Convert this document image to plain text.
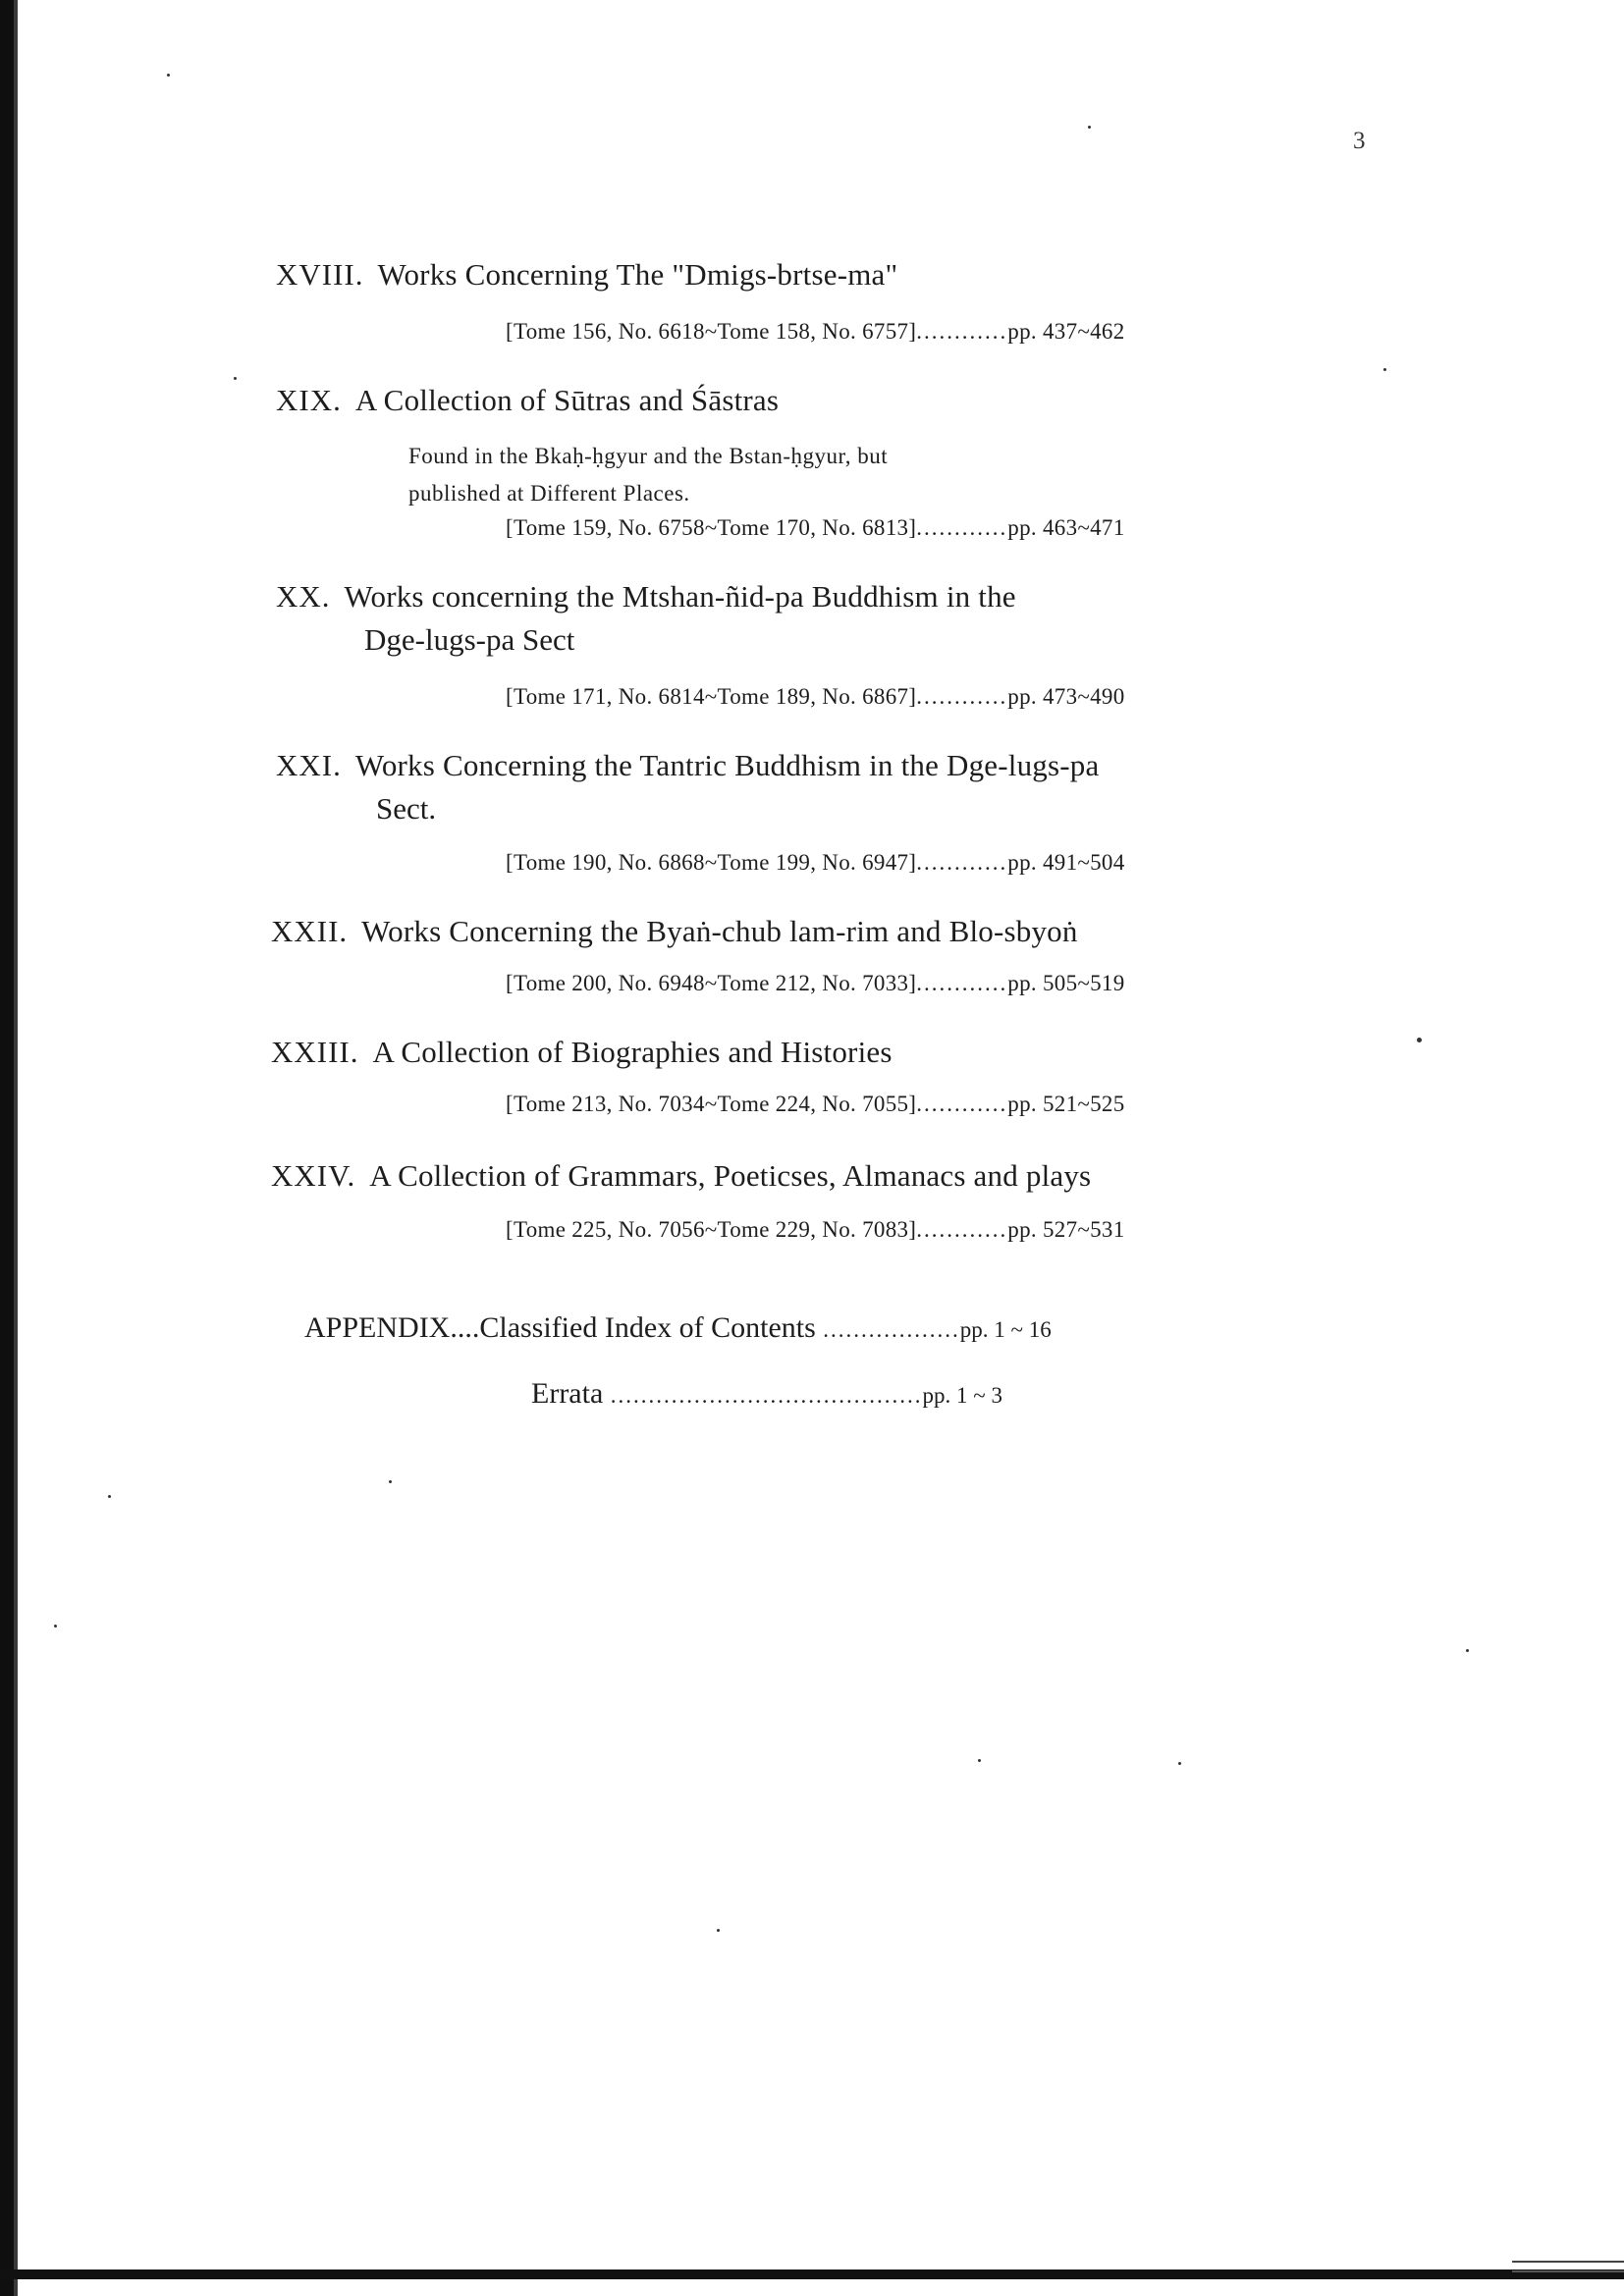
3
XVIII. Works Concerning The "Dmigs-brtse-ma"
[Tome 156, No. 6618~Tome 158, No. 6757]............pp. 437~462
XIX. A Collection of Sūtras and Śāstras
Found in the Bkaḥ-ḥgyur and the Bstan-ḥgyur, but
published at Different Places.
[Tome 159, No. 6758~Tome 170, No. 6813]............pp. 463~471
XX. Works concerning the Mtshan-ñid-pa Buddhism in the
Dge-lugs-pa Sect
[Tome 171, No. 6814~Tome 189, No. 6867]............pp. 473~490
XXI. Works Concerning the Tantric Buddhism in the Dge-lugs-pa
Sect.
[Tome 190, No. 6868~Tome 199, No. 6947]............pp. 491~504
XXII. Works Concerning the Byaṅ-chub lam-rim and Blo-sbyoṅ
[Tome 200, No. 6948~Tome 212, No. 7033]............pp. 505~519
XXIII. A Collection of Biographies and Histories
[Tome 213, No. 7034~Tome 224, No. 7055]............pp. 521~525
XXIV. A Collection of Grammars, Poeticses, Almanacs and plays
[Tome 225, No. 7056~Tome 229, No. 7083]............pp. 527~531
APPENDIX....Classified Index of Contents ..................pp. 1 ~ 16
Errata .........................................pp. 1 ~ 3
